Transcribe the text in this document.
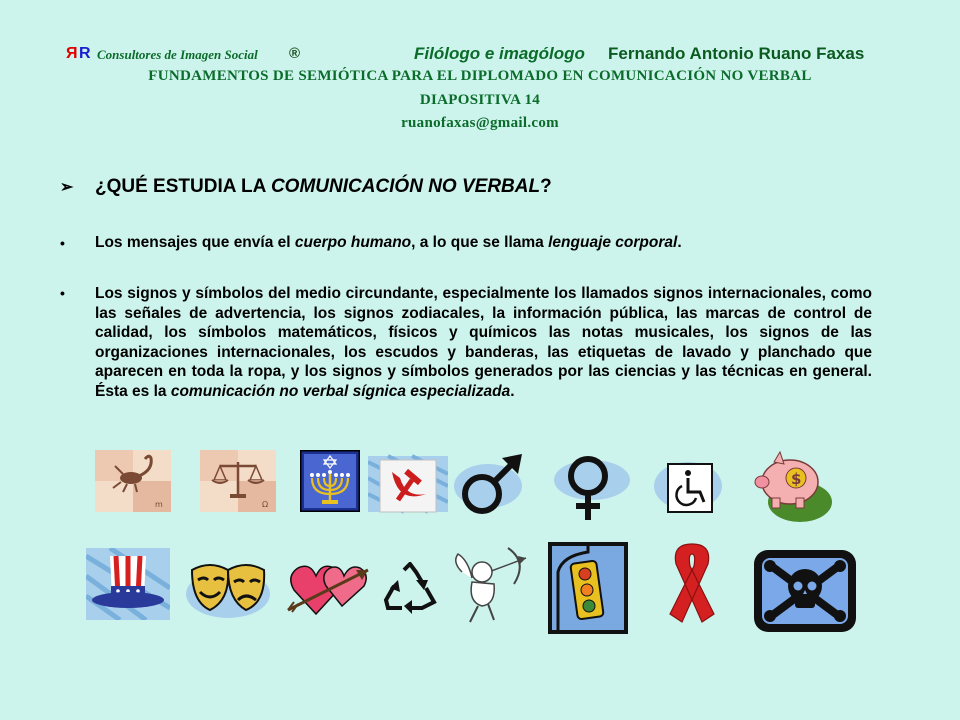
Я R Consultores de Imagen Social ®	Filólogo e imagólogo Fernando Antonio Ruano Faxas
FUNDAMENTOS DE SEMIÓTICA PARA EL DIPLOMADO EN COMUNICACIÓN NO VERBAL
DIAPOSITIVA 14
ruanofaxas@gmail.com
➢ ¿QUÉ ESTUDIA LA COMUNICACIÓN NO VERBAL?
• Los mensajes que envía el cuerpo humano, a lo que se llama lenguaje corporal.
• Los signos y símbolos del medio circundante, especialmente los llamados signos internacionales, como las señales de advertencia, los signos zodiacales, la información pública, las marcas de control de calidad, los símbolos matemáticos, físicos y químicos las notas musicales, los signos de las organizaciones internacionales, los escudos y banderas, las etiquetas de lavado y planchado que aparecen en toda la ropa, y los signos y símbolos generados por las ciencias y las técnicas en general. Ésta es la comunicación no verbal sígnica especializada.
m	Ω
$
